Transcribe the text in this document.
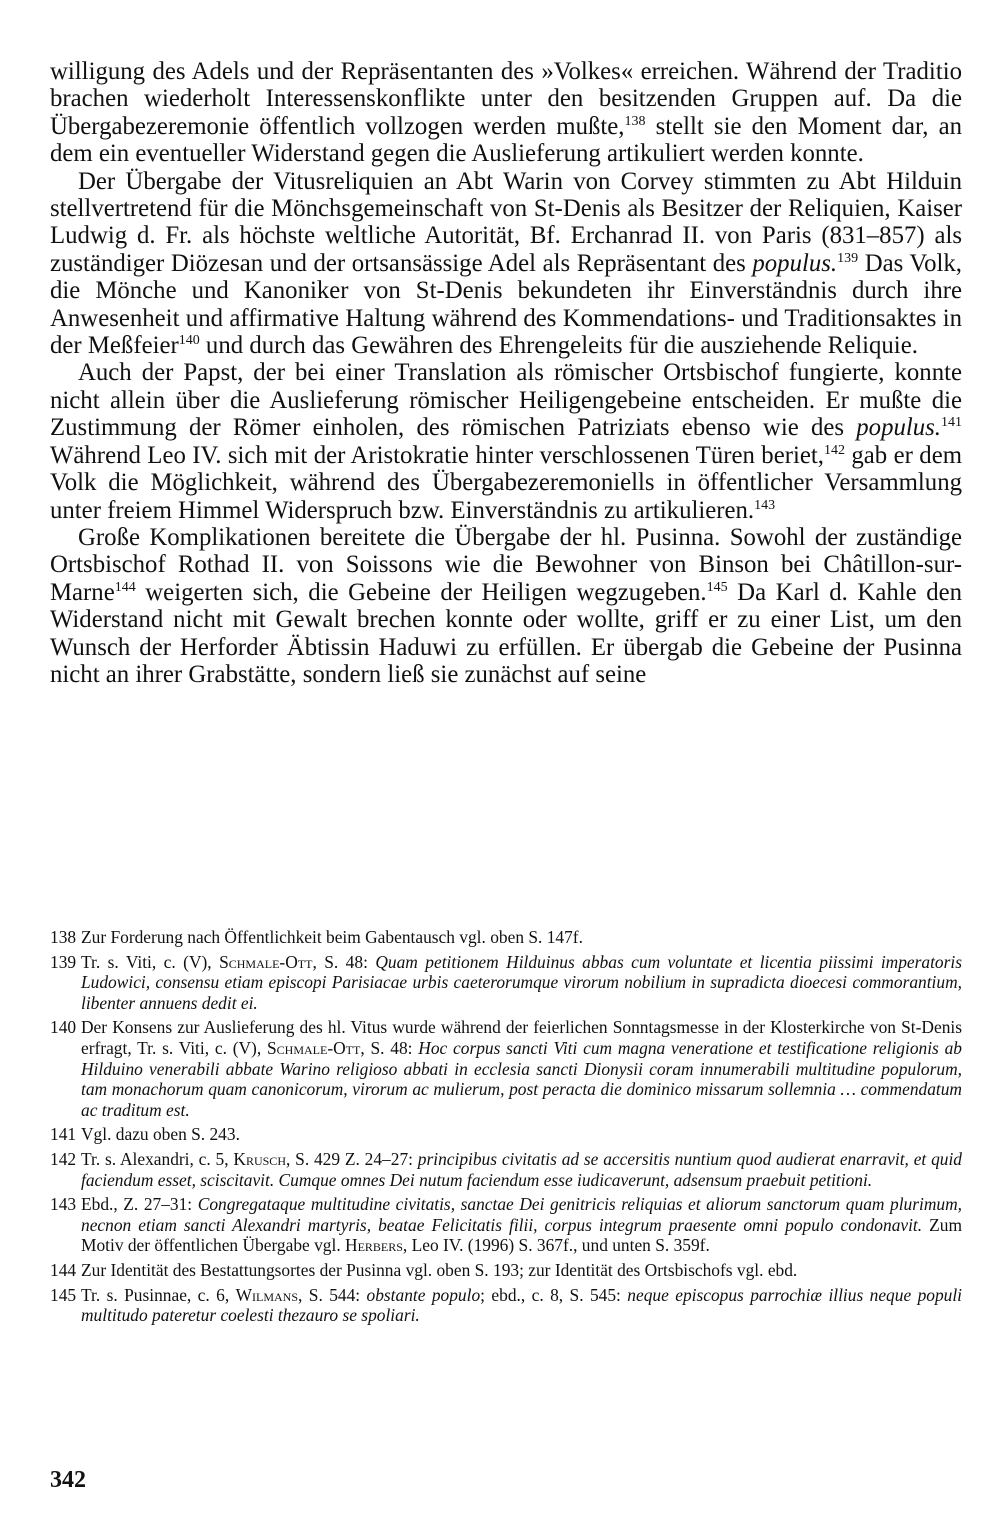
willigung des Adels und der Repräsentanten des »Volkes« erreichen. Während der Traditio brachen wiederholt Interessenskonflikte unter den besitzenden Gruppen auf. Da die Übergabezeremonie öffentlich vollzogen werden mußte,$^{138}$ stellt sie den Moment dar, an dem ein eventueller Widerstand gegen die Auslieferung artikuliert werden konnte.

Der Übergabe der Vitusreliquien an Abt Warin von Corvey stimmten zu Abt Hilduin stellvertretend für die Mönchsgemeinschaft von St-Denis als Besitzer der Reliquien, Kaiser Ludwig d. Fr. als höchste weltliche Autorität, Bf. Erchanrad II. von Paris (831–857) als zuständiger Diözesan und der ortsansässige Adel als Repräsentant des populus.$^{139}$ Das Volk, die Mönche und Kanoniker von St-Denis bekundeten ihr Einverständnis durch ihre Anwesenheit und affirmative Haltung während des Kommendations- und Traditionsaktes in der Meßfeier$^{140}$ und durch das Gewähren des Ehrengeleits für die ausziehende Reliquie.

Auch der Papst, der bei einer Translation als römischer Ortsbischof fungierte, konnte nicht allein über die Auslieferung römischer Heiligengebeine entscheiden. Er mußte die Zustimmung der Römer einholen, des römischen Patriziats ebenso wie des populus.$^{141}$ Während Leo IV. sich mit der Aristokratie hinter verschlossenen Türen beriet,$^{142}$ gab er dem Volk die Möglichkeit, während des Übergabezeremoniells in öffentlicher Versammlung unter freiem Himmel Widerspruch bzw. Einverständnis zu artikulieren.$^{143}$

Große Komplikationen bereitete die Übergabe der hl. Pusinna. Sowohl der zuständige Ortsbischof Rothad II. von Soissons wie die Bewohner von Binson bei Châtillon-sur-Marne$^{144}$ weigerten sich, die Gebeine der Heiligen wegzugeben.$^{145}$ Da Karl d. Kahle den Widerstand nicht mit Gewalt brechen konnte oder wollte, griff er zu einer List, um den Wunsch der Herforder Äbtissin Haduwi zu erfüllen. Er übergab die Gebeine der Pusinna nicht an ihrer Grabstätte, sondern ließ sie zunächst auf seine

138 Zur Forderung nach Öffentlichkeit beim Gabentausch vgl. oben S. 147f.
139 Tr. s. Viti, c. (V), Schmale-Ott, S. 48: Quam petitionem Hilduinus abbas cum voluntate et licentia piissimi imperatoris Ludowici, consensu etiam episcopi Parisiacae urbis caeterorumque virorum nobilium in supradicta dioecesi commorantium, libenter annuens dedit ei.
140 Der Konsens zur Auslieferung des hl. Vitus wurde während der feierlichen Sonntagsmesse in der Klosterkirche von St-Denis erfragt, Tr. s. Viti, c. (V), Schmale-Ott, S. 48: Hoc corpus sancti Viti cum magna veneratione et testificatione religionis ab Hilduino venerabili abbate Warino religioso abbati in ecclesia sancti Dionysii coram innumerabili multitudine populorum, tam monachorum quam canonicorum, virorum ac mulierum, post peracta die dominico missarum sollemnia … commendatum ac traditum est.
141 Vgl. dazu oben S. 243.
142 Tr. s. Alexandri, c. 5, Krusch, S. 429 Z. 24–27: principibus civitatis ad se accersitis nuntium quod audierat enarravit, et quid faciendum esset, sciscitavit. Cumque omnes Dei nutum faciendum esse iudicaverunt, adsensum praebuit petitioni.
143 Ebd., Z. 27–31: Congregataque multitudine civitatis, sanctae Dei genitricis reliquias et aliorum sanctorum quam plurimum, necnon etiam sancti Alexandri martyris, beatae Felicitatis filii, corpus integrum praesente omni populo condonavit. Zum Motiv der öffentlichen Übergabe vgl. Herbers, Leo IV. (1996) S. 367f., und unten S. 359f.
144 Zur Identität des Bestattungsortes der Pusinna vgl. oben S. 193; zur Identität des Ortsbischofs vgl. ebd.
145 Tr. s. Pusinnae, c. 6, Wilmans, S. 544: obstante populo; ebd., c. 8, S. 545: neque episcopus parrochiæ illius neque populi multitudo pateretur coelesti thezauro se spoliari.
342
